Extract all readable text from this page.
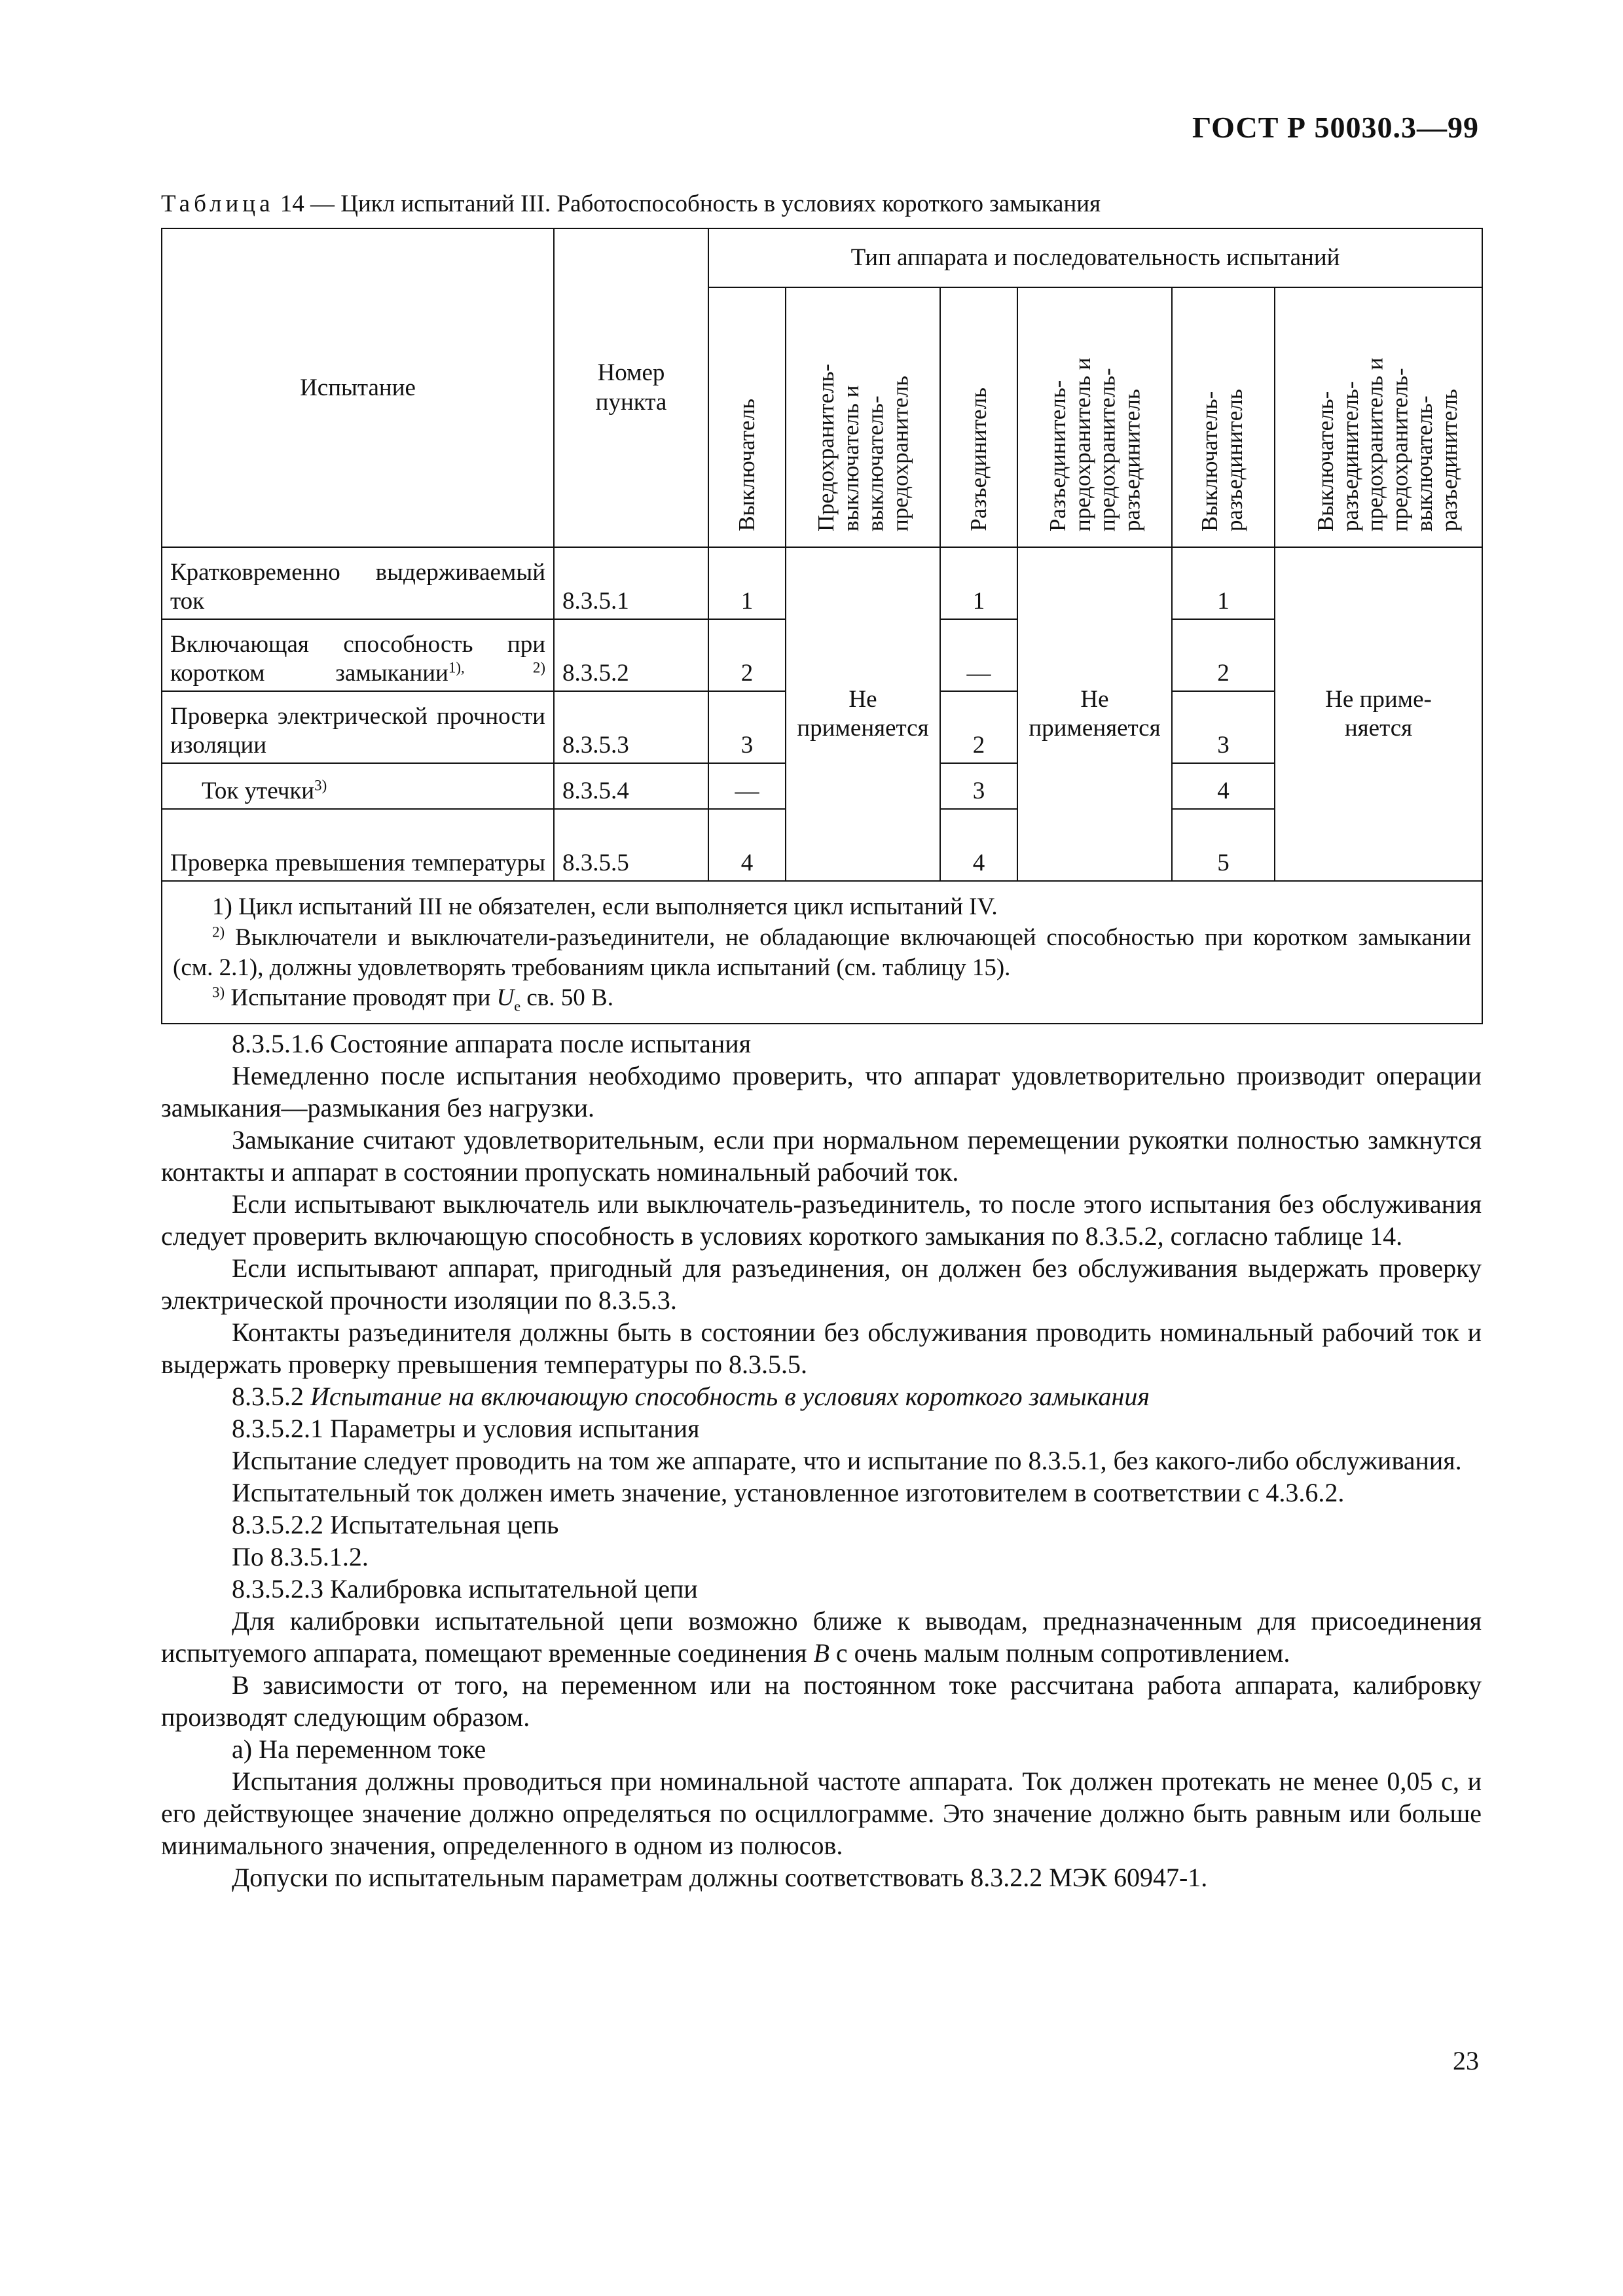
ГОСТ Р 50030.3—99
Таблица 14 — Цикл испытаний III. Работоспособность в условиях короткого замыкания
Испытание	Номер пункта	Тип аппарата и последовательность испытаний					
		Выключатель	Предохранитель-выключатель и выключатель-предохранитель	Разъединитель	Разъединитель-предохранитель и предохранитель-разъединитель	Выключатель-разъединитель	Выключатель-разъединитель-предохранитель и предохранитель-выключатель-разъединитель
Кратковременно выдерживаемый ток	8.3.5.1	1	Не применяется	1	Не применяется	1	Не приме-няется
Включающая способность при коротком замыкании$^{1), 2)}$	8.3.5.2	2		—		2	
Проверка электрической прочности изоляции	8.3.5.3	3		2		3	
Ток утечки$^{3)}$	8.3.5.4	—		3		4	
Проверка превышения температуры	8.3.5.5	4		4		5	

1) Цикл испытаний III не обязателен, если выполняется цикл испытаний IV.

$^{2)}$ Выключатели и выключатели-разъединители, не обладающие включающей способностью при коротком замыкании (см. 2.1), должны удовлетворять требованиям цикла испытаний (см. таблицу 15).

$^{3)}$ Испытание проводят при $U_e$ св. 50 В.							

8.3.5.1.6 Состояние аппарата после испытания

Немедленно после испытания необходимо проверить, что аппарат удовлетворительно производит операции замыкания—размыкания без нагрузки.

Замыкание считают удовлетворительным, если при нормальном перемещении рукоятки полностью замкнутся контакты и аппарат в состоянии пропускать номинальный рабочий ток.

Если испытывают выключатель или выключатель-разъединитель, то после этого испытания без обслуживания следует проверить включающую способность в условиях короткого замыкания по 8.3.5.2, согласно таблице 14.

Если испытывают аппарат, пригодный для разъединения, он должен без обслуживания выдержать проверку электрической прочности изоляции по 8.3.5.3.

Контакты разъединителя должны быть в состоянии без обслуживания проводить номинальный рабочий ток и выдержать проверку превышения температуры по 8.3.5.5.

8.3.5.2 Испытание на включающую способность в условиях короткого замыкания

8.3.5.2.1 Параметры и условия испытания

Испытание следует проводить на том же аппарате, что и испытание по 8.3.5.1, без какого-либо обслуживания.

Испытательный ток должен иметь значение, установленное изготовителем в соответствии с 4.3.6.2.

8.3.5.2.2 Испытательная цепь

По 8.3.5.1.2.

8.3.5.2.3 Калибровка испытательной цепи

Для калибровки испытательной цепи возможно ближе к выводам, предназначенным для присоединения испытуемого аппарата, помещают временные соединения B с очень малым полным сопротивлением.

В зависимости от того, на переменном или на постоянном токе рассчитана работа аппарата, калибровку производят следующим образом.

а) На переменном токе

Испытания должны проводиться при номинальной частоте аппарата. Ток должен протекать не менее 0,05 с, и его действующее значение должно определяться по осциллограмме. Это значение должно быть равным или больше минимального значения, определенного в одном из полюсов.

Допуски по испытательным параметрам должны соответствовать 8.3.2.2 МЭК 60947-1.

23
